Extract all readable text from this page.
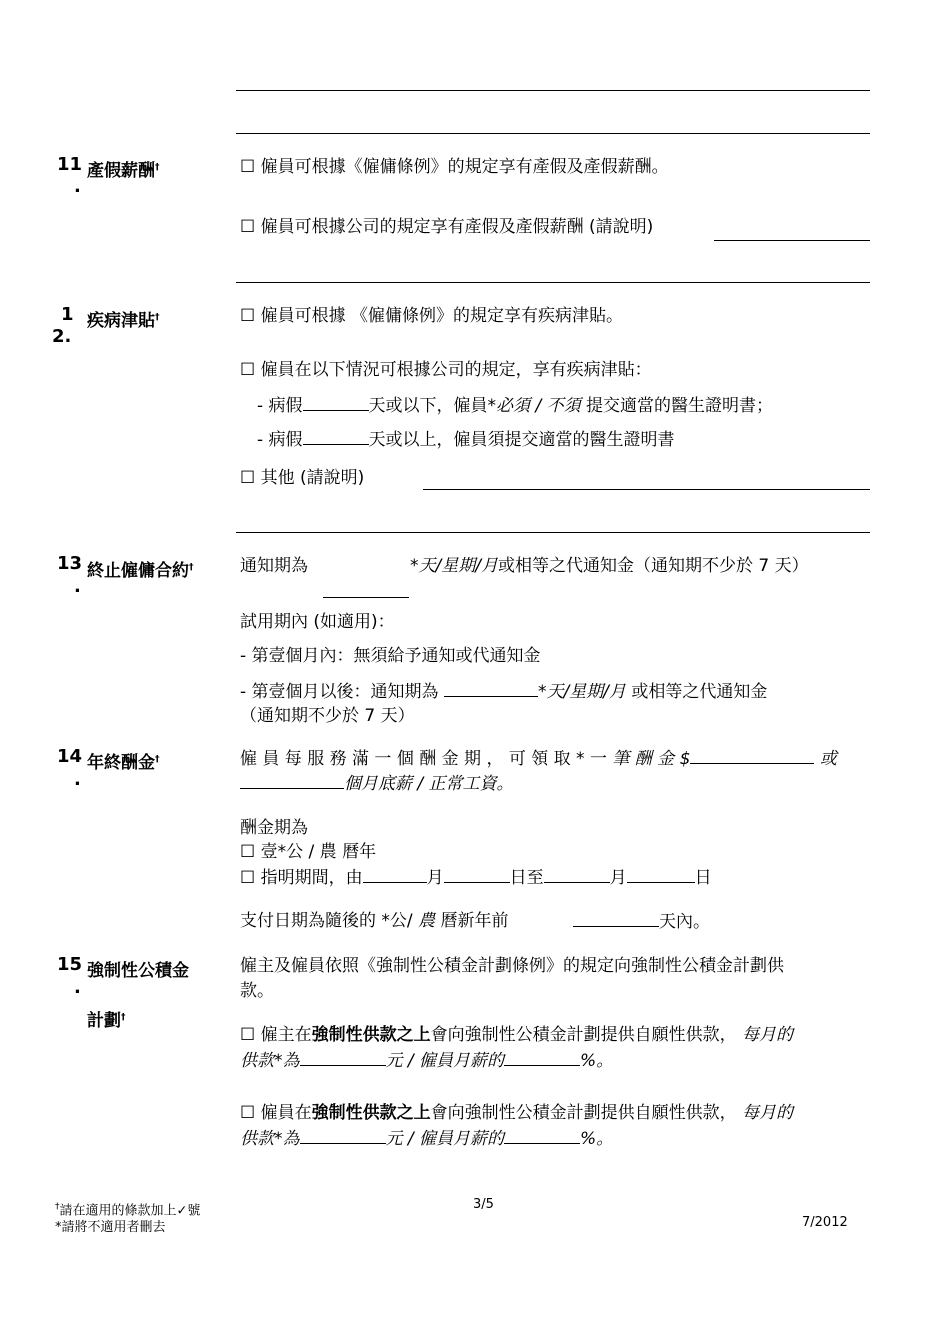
11
.
產假薪酬†	☐ 僱員可根據《僱傭條例》的規定享有產假及產假薪酬。
☐ 僱員可根據公司的規定享有產假及產假薪酬 (請說明)
1
2.
疾病津貼†	☐ 僱員可根據 《僱傭條例》的規定享有疾病津貼。
☐ 僱員在以下情況可根據公司的規定，享有疾病津貼：
- 病假	天或以下，僱員*必須 / 不須 提交適當的醫生證明書；
- 病假	天或以上，僱員須提交適當的醫生證明書
☐ 其他 (請說明)
13
.
終止僱傭合約†	通知期為	*天/星期/月或相等之代通知金（通知期不少於 7 天）
試用期內 (如適用)：
- 第壹個月內：無須給予通知或代通知金
- 第壹個月以後：通知期為	*天/星期/月 或相等之代通知金
（通知期不少於 7 天）
14
.
年終酬金†	僱 員 每 服 務 滿 一 個 酬 金 期 ， 可 領 取 * 一 筆 酬 金 $	或
個月底薪 / 正常工資。
酬金期為
☐ 壹*公 / 農 曆年
☐ 指明期間，由	月	日至	月	日
支付日期為隨後的 *公/ 農 曆新年前	天內。
15
.
強制性公積金
計劃†
僱主及僱員依照《強制性公積金計劃條例》的規定向強制性公積金計劃供
款。
☐ 僱主在強制性供款之上會向強制性公積金計劃提供自願性供款， 每月的
供款*為	元 / 僱員月薪的	%。
☐ 僱員在強制性供款之上會向強制性公積金計劃提供自願性供款， 每月的
供款*為	元 / 僱員月薪的	%。
†請在適用的條款加上✓號
*請將不適用者刪去
3/5
7/2012
